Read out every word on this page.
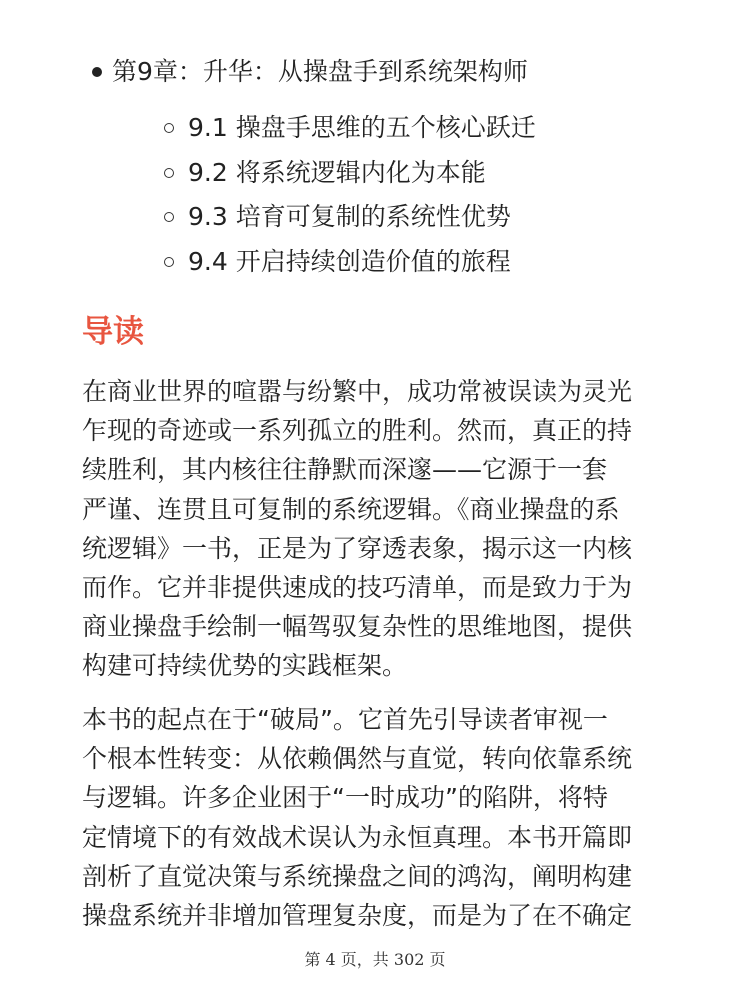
第9章：升华：从操盘手到系统架构师
9.1 操盘手思维的五个核心跃迁
9.2 将系统逻辑内化为本能
9.3 培育可复制的系统性优势
9.4 开启持续创造价值的旅程
导读
在商业世界的喧嚣与纷繁中，成功常被误读为灵光
乍现的奇迹或一系列孤立的胜利。然而，真正的持
续胜利，其内核往往静默而深邃——它源于一套
严谨、连贯且可复制的系统逻辑。《商业操盘的系
统逻辑》一书，正是为了穿透表象，揭示这一内核
而作。它并非提供速成的技巧清单，而是致力于为
商业操盘手绘制一幅驾驭复杂性的思维地图，提供
构建可持续优势的实践框架。
本书的起点在于“破局”。它首先引导读者审视一
个根本性转变：从依赖偶然与直觉，转向依靠系统
与逻辑。许多企业困于“一时成功”的陷阱，将特
定情境下的有效战术误认为永恒真理。本书开篇即
剖析了直觉决策与系统操盘之间的鸿沟，阐明构建
操盘系统并非增加管理复杂度，而是为了在不确定
第 4 页，共 302 页
